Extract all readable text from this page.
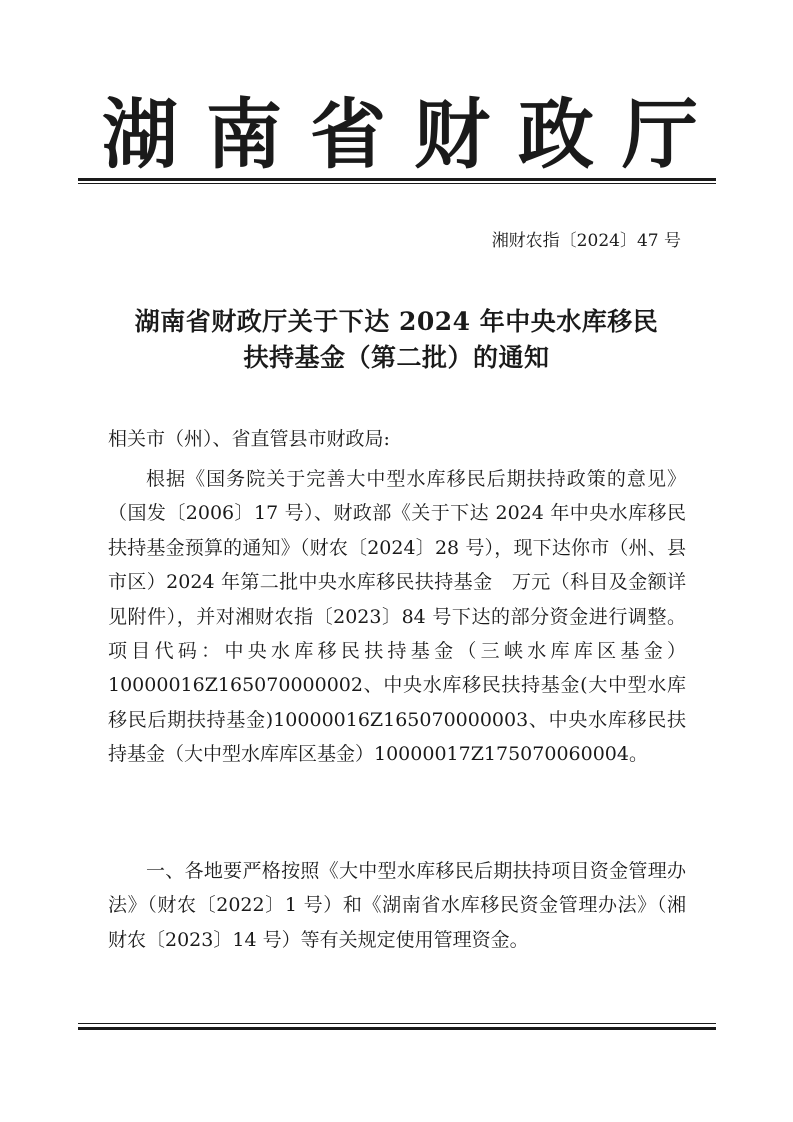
湖 南 省 财 政 厅
湘财农指〔2024〕47 号
湖南省财政厅关于下达 2024 年中央水库移民
扶持基金（第二批）的通知
相关市（州）、省直管县市财政局:
根据《国务院关于完善大中型水库移民后期扶持政策的意见》（国发〔2006〕17 号）、财政部《关于下达 2024 年中央水库移民扶持基金预算的通知》（财农〔2024〕28 号），现下达你市（州、县市区）2024 年第二批中央水库移民扶持基金　万元（科目及金额详见附件），并对湘财农指〔2023〕84 号下达的部分资金进行调整。项目代码：中央水库移民扶持基金（三峡水库库区基金）10000016Z165070000002、中央水库移民扶持基金(大中型水库移民后期扶持基金)10000016Z165070000003、中央水库移民扶持基金（大中型水库库区基金）10000017Z175070060004。
一、各地要严格按照《大中型水库移民后期扶持项目资金管理办法》（财农〔2022〕1 号）和《湖南省水库移民资金管理办法》（湘财农〔2023〕14 号）等有关规定使用管理资金。
